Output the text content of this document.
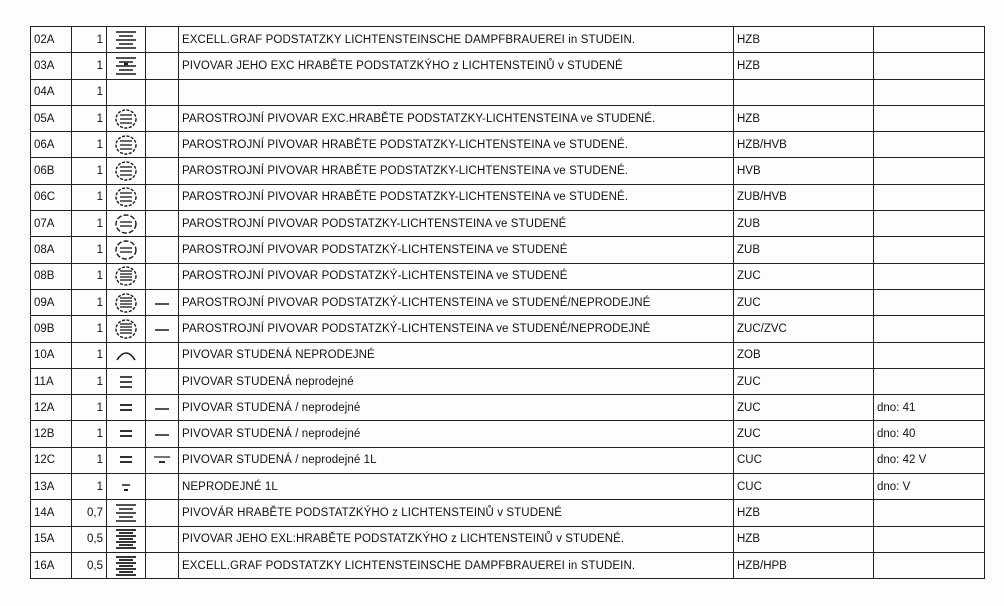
02A	1			EXCELL.GRAF PODSTATZKY LICHTENSTEINSCHE DAMPFBRAUEREI in STUDEIN.	HZB	
03A	1			PIVOVAR JEHO EXC HRABĚTE PODSTATZKÝHO z LICHTENSTEINŮ v STUDENÉ	HZB	
04A	1					
05A	1			PAROSTROJNÍ PIVOVAR EXC.HRABĚTE PODSTATZKY-LICHTENSTEINA ve STUDENÉ.	HZB	
06A	1			PAROSTROJNÍ PIVOVAR HRABĚTE PODSTATZKY-LICHTENSTEINA ve STUDENÉ.	HZB/HVB	
06B	1			PAROSTROJNÍ PIVOVAR HRABĚTE PODSTATZKY-LICHTENSTEINA ve STUDENÉ.	HVB	
06C	1			PAROSTROJNÍ PIVOVAR HRABĚTE PODSTATZKY-LICHTENSTEINA ve STUDENÉ.	ZUB/HVB	
07A	1			PAROSTROJNÍ PIVOVAR PODSTATZKY-LICHTENSTEINA ve STUDENÉ	ZUB	
08A	1			PAROSTROJNÍ PIVOVAR PODSTATZKÝ-LICHTENSTEINA ve STUDENÉ	ZUB	
08B	1			PAROSTROJNÍ PIVOVAR PODSTATZKÝ-LICHTENSTEINA ve STUDENÉ	ZUC	
09A	1			PAROSTROJNÍ PIVOVAR PODSTATZKÝ-LICHTENSTEINA ve STUDENÉ/NEPRODEJNÉ	ZUC	
09B	1			PAROSTROJNÍ PIVOVAR PODSTATZKÝ-LICHTENSTEINA ve STUDENÉ/NEPRODEJNÉ	ZUC/ZVC	
10A	1			PIVOVAR STUDENÁ NEPRODEJNÉ	ZOB	
11A	1			PIVOVAR STUDENÁ neprodejné	ZUC	
12A	1			PIVOVAR STUDENÁ / neprodejné	ZUC	dno: 41
12B	1			PIVOVAR STUDENÁ / neprodejné	ZUC	dno: 40
12C	1			PIVOVAR STUDENÁ / neprodejné 1L	CUC	dno: 42 V
13A	1			NEPRODEJNÉ 1L	CUC	dno: V
14A	0,7			PIVOVÁR HRABĚTE PODSTATZKÝHO z LICHTENSTEINŮ v STUDENÉ	HZB	
15A	0,5			PIVOVAR JEHO EXL:HRABĚTE PODSTATZKÝHO z LICHTENSTEINŮ v STUDENÉ.	HZB	
16A	0,5			EXCELL.GRAF PODSTATZKY LICHTENSTEINSCHE DAMPFBRAUEREI in STUDEIN.	HZB/HPB	
